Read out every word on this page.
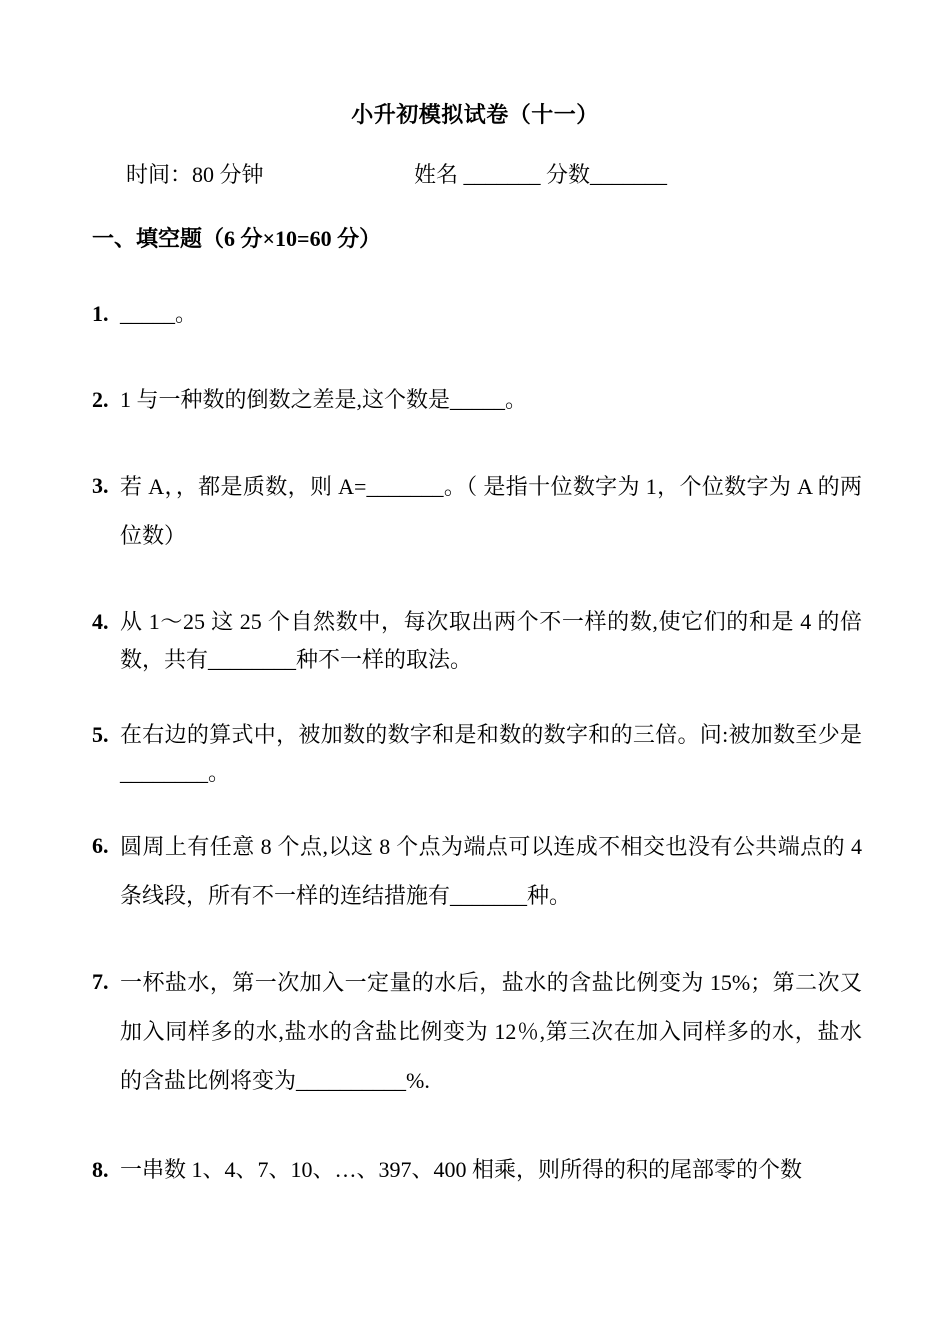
小升初模拟试卷（十一）
时间：80 分钟	姓名 _______ 分数_______
一、填空题（6 分×10=60 分）
1. _____。
2. 1 与一种数的倒数之差是,这个数是_____。
3. 若 A，，都是质数，则 A=_______。（ 是指十位数字为 1，个位数字为 A 的两位数）
4. 从 1～25 这 25 个自然数中，每次取出两个不一样的数,使它们的和是 4 的倍数，共有________种不一样的取法。
5. 在右边的算式中，被加数的数字和是和数的数字和的三倍。问:被加数至少是________。
6. 圆周上有任意 8 个点,以这 8 个点为端点可以连成不相交也没有公共端点的 4 条线段，所有不一样的连结措施有_______种。
7. 一杯盐水，第一次加入一定量的水后，盐水的含盐比例变为 15%；第二次又加入同样多的水,盐水的含盐比例变为 12％,第三次在加入同样多的水，盐水的含盐比例将变为__________%.
8. 一串数 1、4、7、10、…、397、400 相乘，则所得的积的尾部零的个数
